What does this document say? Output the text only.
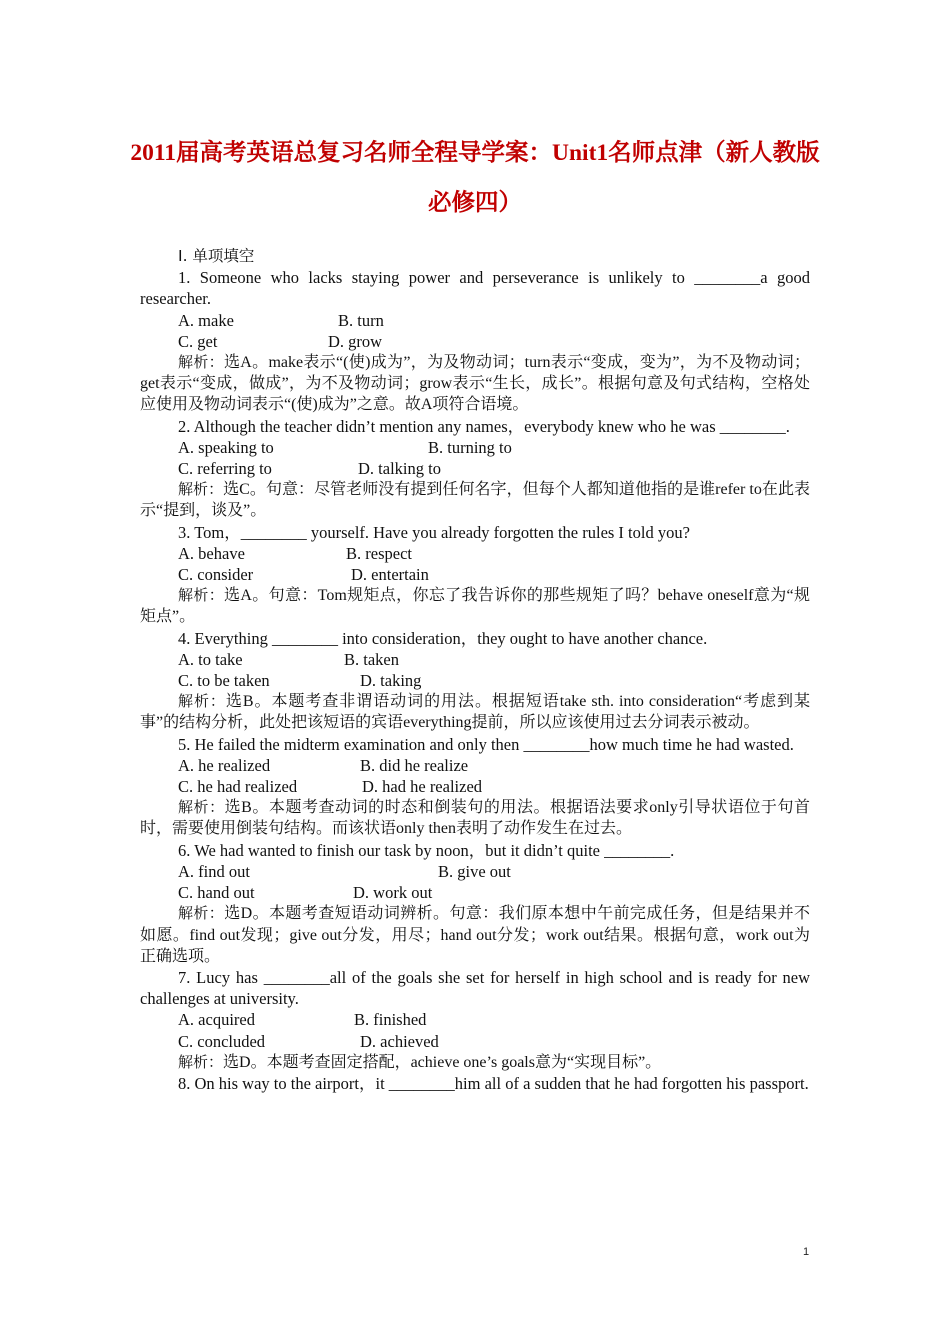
2011届高考英语总复习名师全程导学案：Unit1名师点津（新人教版必修四）

Ⅰ. 单项填空

1. Someone who lacks staying power and perseverance is unlikely to ________a good researcher.

A. make	B. turn

C. get	D. grow

解析：选A。make表示“(使)成为”，为及物动词；turn表示“变成，变为”，为不及物动词；get表示“变成，做成”，为不及物动词；grow表示“生长，成长”。根据句意及句式结构，空格处应使用及物动词表示“(使)成为”之意。故A项符合语境。

2. Although the teacher didn’t mention any names，everybody knew who he was ________.

A. speaking to	B. turning to

C. referring to	D. talking to

解析：选C。句意：尽管老师没有提到任何名字，但每个人都知道他指的是谁refer to在此表示“提到，谈及”。

3. Tom，________ yourself. Have you already forgotten the rules I told you?

A. behave	B. respect

C. consider	D. entertain

解析：选A。句意：Tom规矩点，你忘了我告诉你的那些规矩了吗？behave oneself意为“规矩点”。

4. Everything ________ into consideration，they ought to have another chance.

A. to take	B. taken

C. to be taken	D. taking

解析：选B。本题考查非谓语动词的用法。根据短语take sth. into consideration“考虑到某事”的结构分析，此处把该短语的宾语everything提前，所以应该使用过去分词表示被动。

5. He failed the midterm examination and only then ________how much time he had wasted.

A. he realized	B. did he realize

C. he had realized	D. had he realized

解析：选B。本题考查动词的时态和倒装句的用法。根据语法要求only引导状语位于句首时，需要使用倒装句结构。而该状语only then表明了动作发生在过去。

6. We had wanted to finish our task by noon，but it didn’t quite ________.

A. find out	B. give out

C. hand out	D. work out

解析：选D。本题考查短语动词辨析。句意：我们原本想中午前完成任务，但是结果并不如愿。find out发现；give out分发，用尽；hand out分发；work out结果。根据句意，work out为正确选项。

7. Lucy has ________all of the goals she set for herself in high school and is ready for new challenges at university.

A. acquired	B. finished

C. concluded	D. achieved

解析：选D。本题考查固定搭配，achieve one’s goals意为“实现目标”。

8. On his way to the airport，it ________him all of a sudden that he had forgotten his passport.

1
